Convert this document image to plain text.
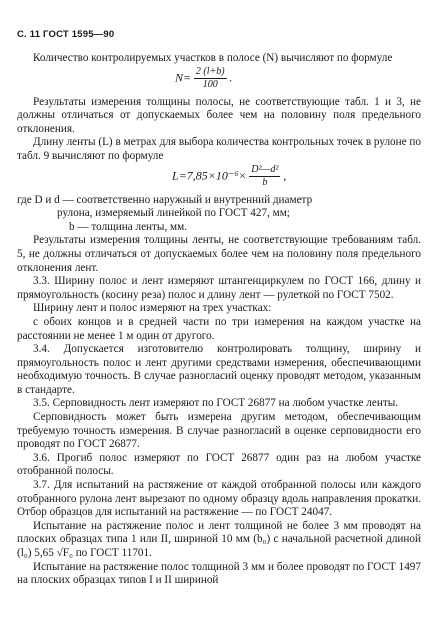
С. 11 ГОСТ 1595—90

Количество контролируемых участков в полосе (N) вычисляют по формуле

$N= \frac{2 (l+b)}{100}$ .

Результаты измерения толщины полосы, не соответствующие табл. 1 и 3, не должны отличаться от допускаемых более чем на половину поля предельного отклонения.

Длину ленты (L) в метрах для выбора количества контрольных точек в рулоне по табл. 9 вычисляют по формуле

$L=7,85\times 10^{-6}\times \frac{\text{D²—d²}}{b}$ ,

где D и d — соответственно наружный и внутренний диаметр

рулона, измеряемый линейкой по ГОСТ 427, мм;

b — толщина ленты, мм.

Результаты измерения толщины ленты, не соответствующие требованиям табл. 5, не должны отличаться от допускаемых более чем на половину поля предельного отклонения лент.

3.3. Ширину полос и лент измеряют штангенциркулем по ГОСТ 166, длину и прямоугольность (косину реза) полос и длину лент — рулеткой по ГОСТ 7502.

Ширину лент и полос измеряют на трех участках:

с обоих концов и в средней части по три измерения на каждом участке на расстоянии не менее 1 м один от другого.

3.4. Допускается изготовителю контролировать толщину, ширину и прямоугольность полос и лент другими средствами измерения, обеспечивающими необходимую точность. В случае разногласий оценку проводят методом, указанным в стандарте.

3.5. Серповидность лент измеряют по ГОСТ 26877 на любом участке ленты.

Серповидность может быть измерена другим методом, обеспечивающим требуемую точность измерения. В случае разногласий в оценке серповидности его проводят по ГОСТ 26877.

3.6. Прогиб полос измеряют по ГОСТ 26877 один раз на любом участке отобранной полосы.

3.7. Для испытаний на растяжение от каждой отобранной полосы или каждого отобранного рулона лент вырезают по одному образцу вдоль направления прокатки. Отбор образцов для испытаний на растяжение — по ГОСТ 24047.

Испытание на растяжение полос и лент толщиной не более 3 мм проводят на плоских образцах типа 1 или II, шириной 10 мм (b₀) с начальной расчетной длиной (l₀) 5,65 √F₀ по ГОСТ 11701.

Испытание на растяжение полос толщиной 3 мм и более проводят по ГОСТ 1497 на плоских образцах типов I и II шириной
